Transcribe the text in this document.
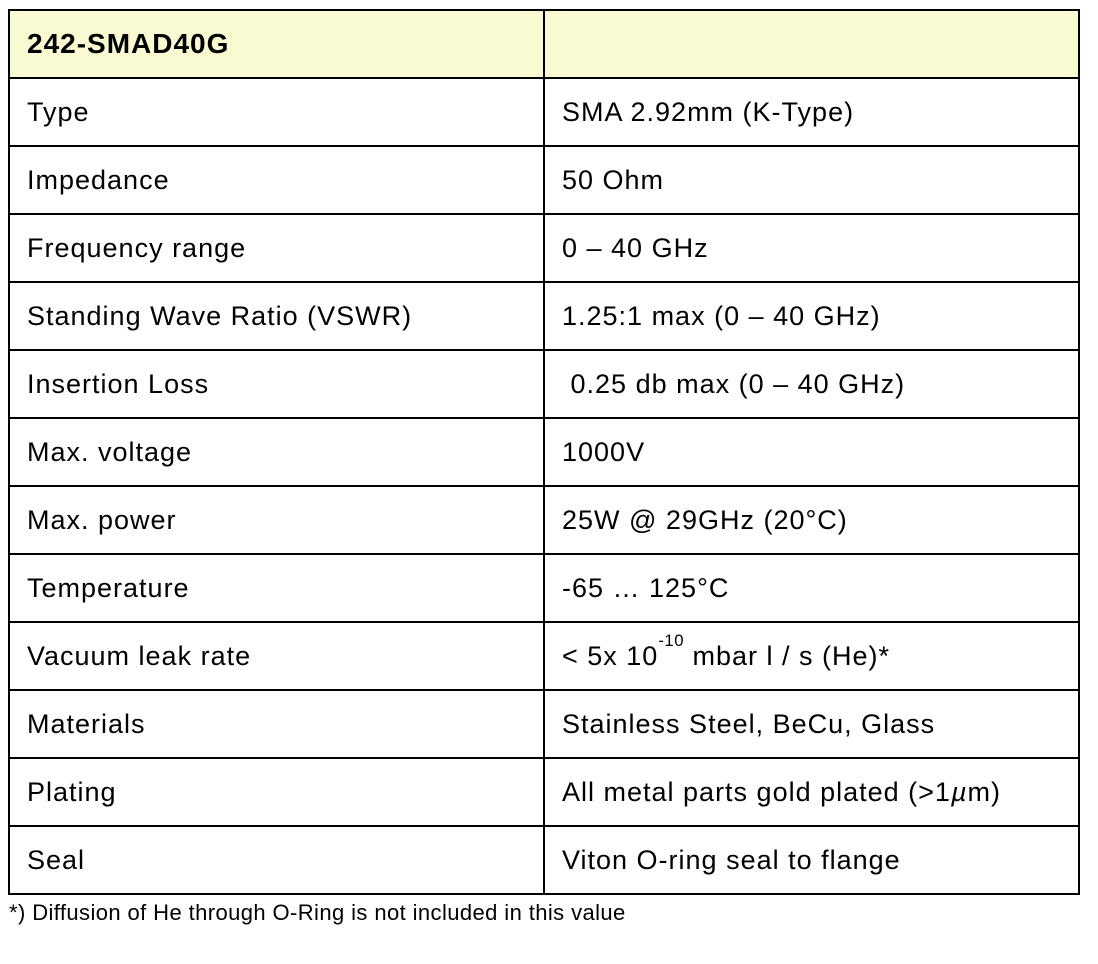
242-SMAD40G	
Type	SMA 2.92mm (K-Type)
Impedance	50 Ohm
Frequency range	0 – 40 GHz
Standing Wave Ratio (VSWR)	1.25:1 max (0 – 40 GHz)
Insertion Loss	0.25 db max (0 – 40 GHz)
Max. voltage	1000V
Max. power	25W @ 29GHz (20°C)
Temperature	-65 … 125°C
Vacuum leak rate	< 5x $10^{-10}$ mbar l / s (He)*
Materials	Stainless Steel, BeCu, Glass
Plating	All metal parts gold plated (>1µm)
Seal	Viton O-ring seal to flange
*) Diffusion of He through O-Ring is not included in this value
